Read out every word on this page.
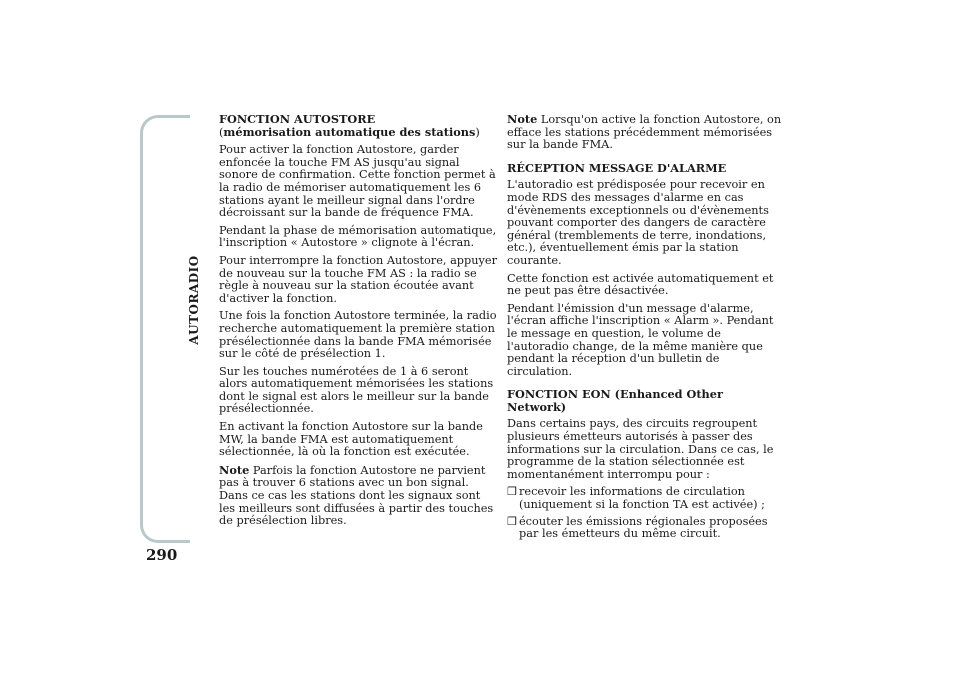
AUTORADIO
290
FONCTION AUTOSTORE
(mémorisation automatique des stations)

Pour activer la fonction Autostore, garder enfoncée la touche FM AS jusqu'au signal sonore de confirmation. Cette fonction permet à la radio de mémoriser automatiquement les 6 stations ayant le meilleur signal dans l'ordre décroissant sur la bande de fréquence FMA.

Pendant la phase de mémorisation automatique, l'inscription « Autostore » clignote à l'écran.

Pour interrompre la fonction Autostore, appuyer de nouveau sur la touche FM AS : la radio se règle à nouveau sur la station écoutée avant d'activer la fonction.

Une fois la fonction Autostore terminée, la radio recherche automatiquement la première station présélectionnée dans la bande FMA mémorisée sur le côté de présélection 1.

Sur les touches numérotées de 1 à 6 seront alors automatiquement mémorisées les stations dont le signal est alors le meilleur sur la bande présélectionnée.

En activant la fonction Autostore sur la bande MW, la bande FMA est automatiquement sélectionnée, là où la fonction est exécutée.

Note Parfois la fonction Autostore ne parvient pas à trouver 6 stations avec un bon signal. Dans ce cas les stations dont les signaux sont les meilleurs sont diffusées à partir des touches de présélection libres.

Note Lorsqu'on active la fonction Autostore, on efface les stations précédemment mémorisées sur la bande FMA.

RÉCEPTION MESSAGE D'ALARME

L'autoradio est prédisposée pour recevoir en mode RDS des messages d'alarme en cas d'évènements exceptionnels ou d'évènements pouvant comporter des dangers de caractère général (tremblements de terre, inondations, etc.), éventuellement émis par la station courante.

Cette fonction est activée automatiquement et ne peut pas être désactivée.

Pendant l'émission d'un message d'alarme, l'écran affiche l'inscription « Alarm ». Pendant le message en question, le volume de l'autoradio change, de la même manière que pendant la réception d'un bulletin de circulation.

FONCTION EON (Enhanced Other Network)

Dans certains pays, des circuits regroupent plusieurs émetteurs autorisés à passer des informations sur la circulation. Dans ce cas, le programme de la station sélectionnée est momentanément interrompu pour :

❒ recevoir les informations de circulation (uniquement si la fonction TA est activée) ;
❒ écouter les émissions régionales proposées par les émetteurs du même circuit.
